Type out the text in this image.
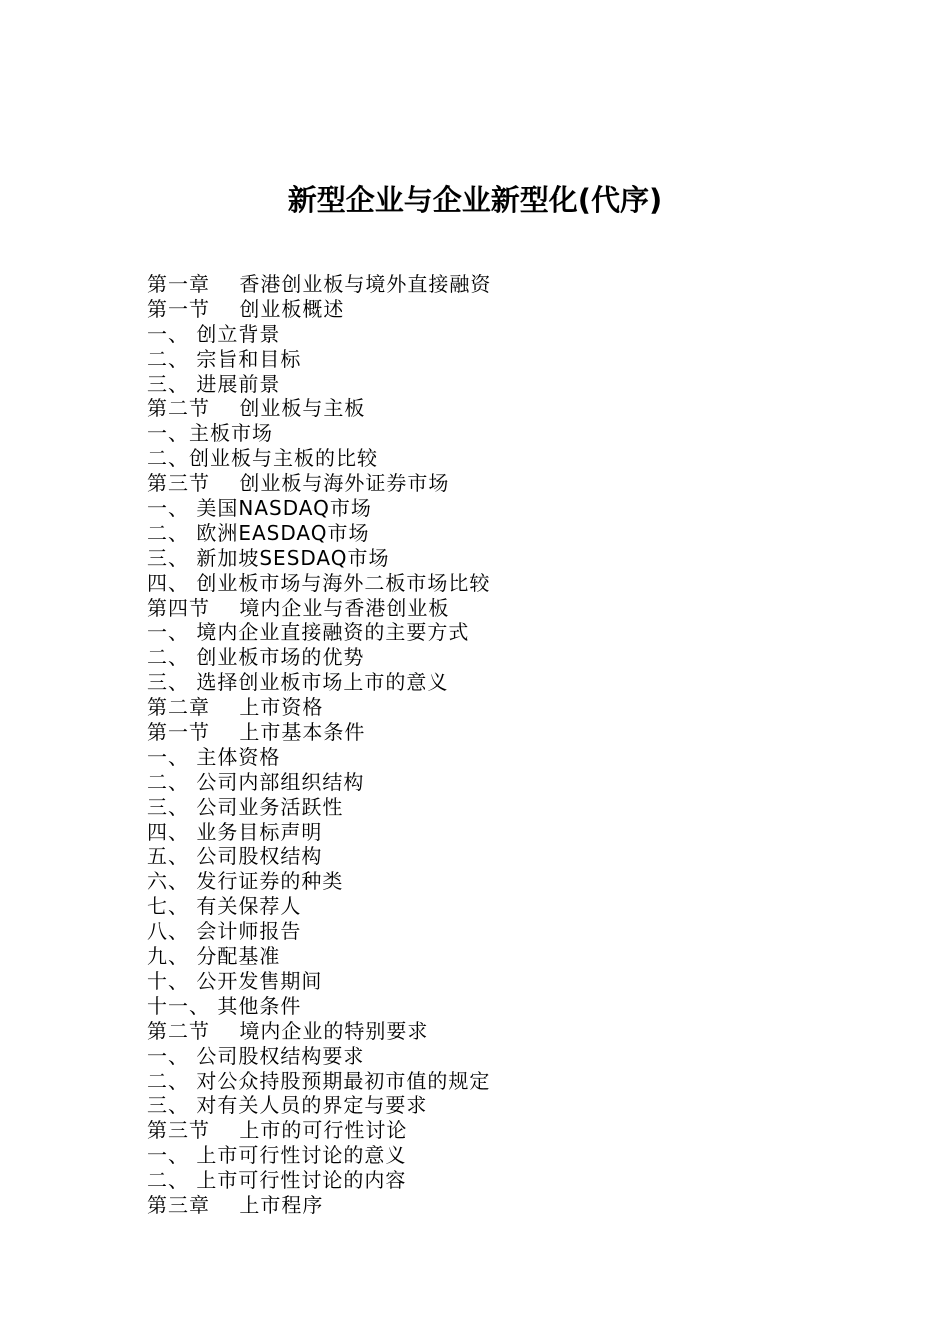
新型企业与企业新型化(代序)
第一章    香港创业板与境外直接融资
第一节    创业板概述
一、 创立背景
二、 宗旨和目标
三、 进展前景
第二节    创业板与主板
一、主板市场
二、创业板与主板的比较
第三节    创业板与海外证券市场
一、 美国NASDAQ市场
二、 欧洲EASDAQ市场
三、 新加坡SESDAQ市场
四、 创业板市场与海外二板市场比较
第四节    境内企业与香港创业板
一、 境内企业直接融资的主要方式
二、 创业板市场的优势
三、 选择创业板市场上市的意义
第二章    上市资格
第一节    上市基本条件
一、 主体资格
二、 公司内部组织结构
三、 公司业务活跃性
四、 业务目标声明
五、 公司股权结构
六、 发行证券的种类
七、 有关保荐人
八、 会计师报告
九、 分配基准
十、 公开发售期间
十一、 其他条件
第二节    境内企业的特别要求
一、 公司股权结构要求
二、 对公众持股预期最初市值的规定
三、 对有关人员的界定与要求
第三节    上市的可行性讨论
一、 上市可行性讨论的意义
二、 上市可行性讨论的内容
第三章    上市程序
